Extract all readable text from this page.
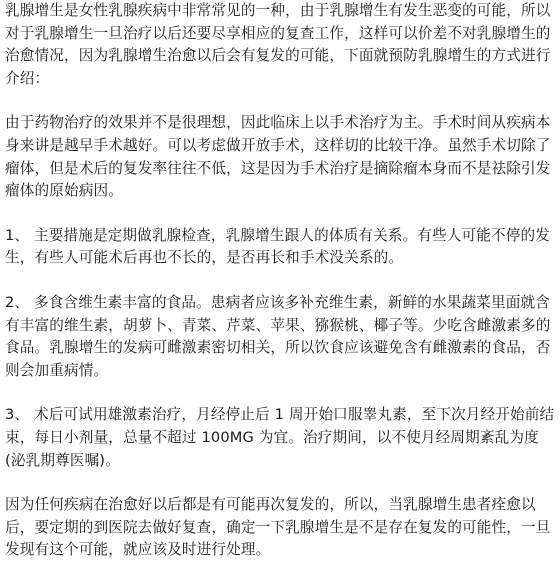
乳腺增生是女性乳腺疾病中非常常见的一种，由于乳腺增生有发生恶变的可能，所以对于乳腺增生一旦治疗以后还要尽享相应的复查工作，这样可以价差不对乳腺增生的治愈情况，因为乳腺增生治愈以后会有复发的可能，下面就预防乳腺增生的方式进行介绍：

由于药物治疗的效果并不是很理想，因此临床上以手术治疗为主。手术时间从疾病本身来讲是越早手术越好。可以考虑做开放手术，这样切的比较干净。虽然手术切除了瘤体，但是术后的复发率往往不低，这是因为手术治疗是摘除瘤本身而不是祛除引发瘤体的原始病因。

1、 主要措施是定期做乳腺检查，乳腺增生跟人的体质有关系。有些人可能不停的发生，有些人可能术后再也不长的，是否再长和手术没关系的。

2、 多食含维生素丰富的食品。患病者应该多补充维生素，新鲜的水果蔬菜里面就含有丰富的维生素，胡萝卜、青菜、芹菜、苹果、猕猴桃、椰子等。少吃含雌激素多的食品。乳腺增生的发病可雌激素密切相关，所以饮食应该避免含有雌激素的食品，否则会加重病情。

3、 术后可试用雄激素治疗，月经停止后 1 周开始口服睾丸素，至下次月经开始前结束，每日小剂量，总量不超过 100MG 为宜。治疗期间，以不使月经周期紊乱为度(泌乳期尊医嘱)。

因为任何疾病在治愈好以后都是有可能再次复发的，所以，当乳腺增生患者痊愈以后，要定期的到医院去做好复查，确定一下乳腺增生是不是存在复发的可能性，一旦发现有这个可能，就应该及时进行处理。
